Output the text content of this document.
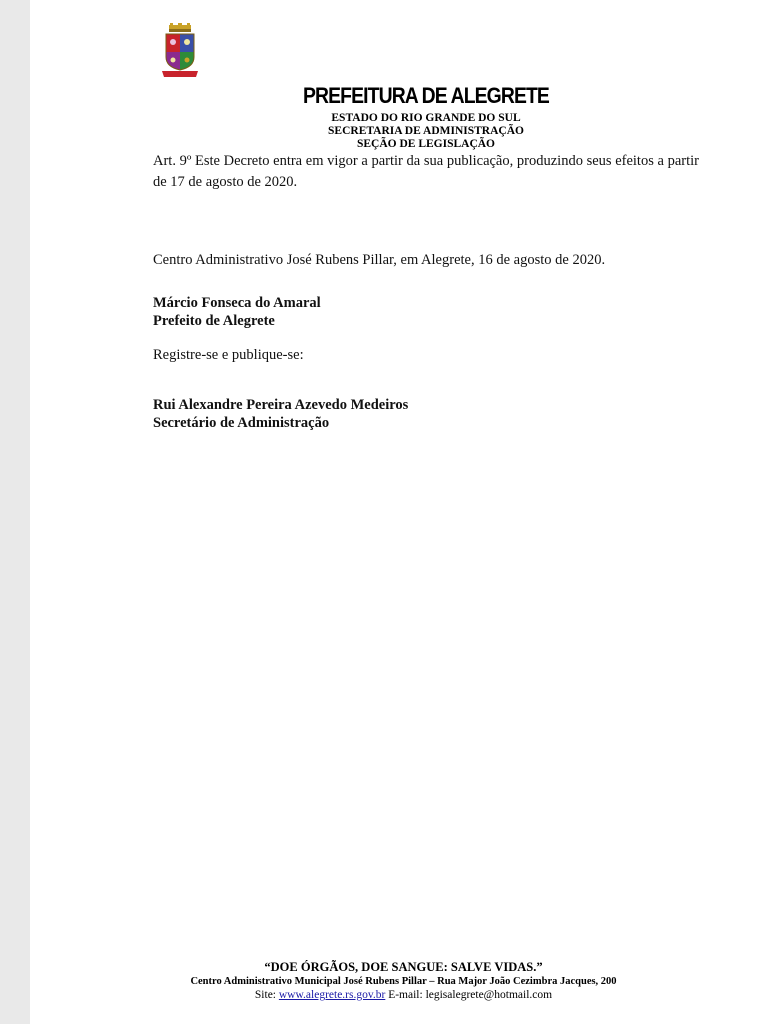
PREFEITURA DE ALEGRETE
ESTADO DO RIO GRANDE DO SUL
SECRETARIA DE ADMINISTRAÇÃO
SEÇÃO DE LEGISLAÇÃO
Art. 9º Este Decreto entra em vigor a partir da sua publicação, produzindo seus efeitos a partir de 17 de agosto de 2020.
Centro Administrativo José Rubens Pillar, em Alegrete, 16 de agosto de 2020.
Márcio Fonseca do Amaral
Prefeito de Alegrete
Registre-se e publique-se:
Rui Alexandre Pereira Azevedo Medeiros
Secretário de Administração
“DOE ÓRGÃOS, DOE SANGUE: SALVE VIDAS.”
Centro Administrativo Municipal José Rubens Pillar – Rua Major João Cezimbra Jacques, 200
Site: www.alegrete.rs.gov.br E-mail: legisalegrete@hotmail.com
